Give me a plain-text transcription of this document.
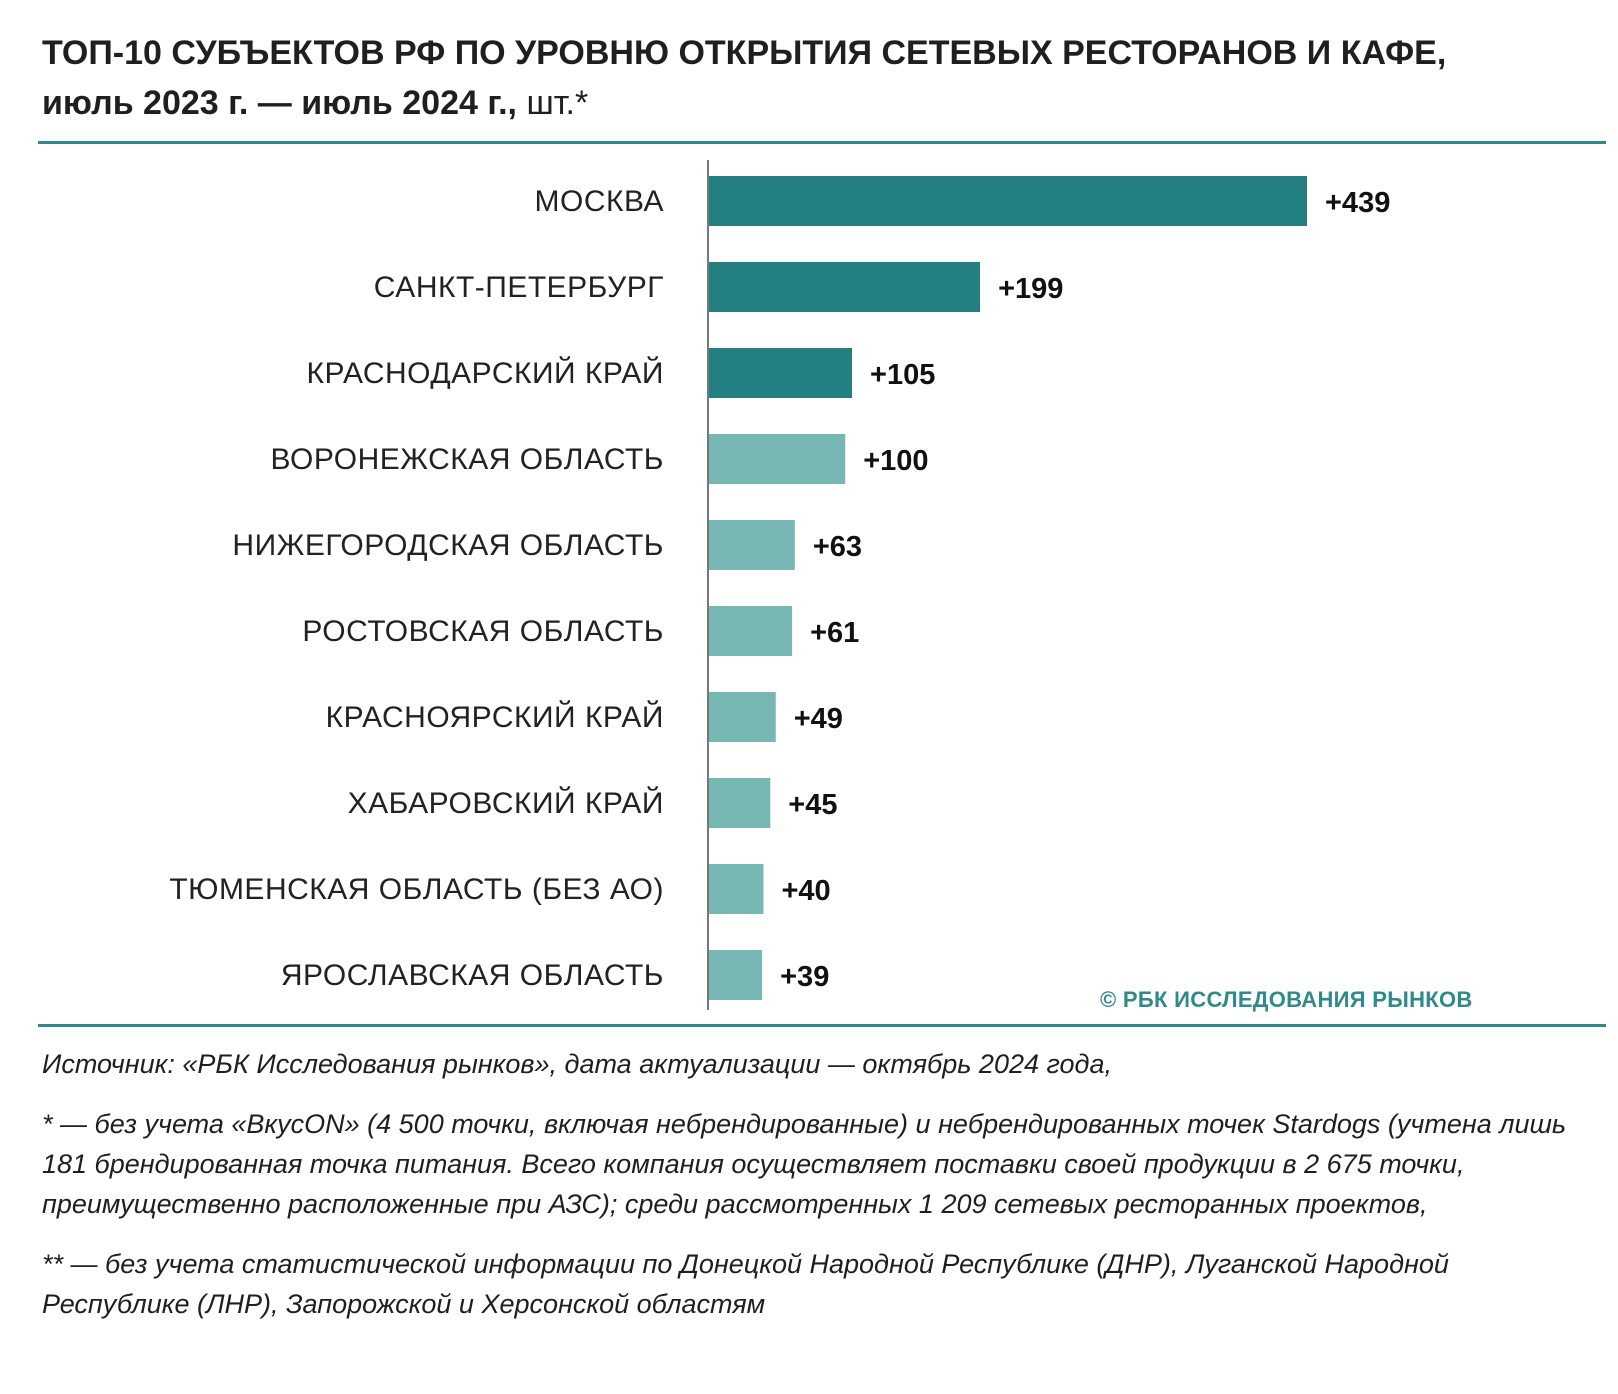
ТОП-10 СУБЪЕКТОВ РФ ПО УРОВНЮ ОТКРЫТИЯ СЕТЕВЫХ РЕСТОРАНОВ И КАФЕ,
июль 2023 г. — июль 2024 г., шт.*
МОСКВА	+439
САНКТ-ПЕТЕРБУРГ	+199
КРАСНОДАРСКИЙ КРАЙ	+105
ВОРОНЕЖСКАЯ ОБЛАСТЬ	+100
НИЖЕГОРОДСКАЯ ОБЛАСТЬ	+63
РОСТОВСКАЯ ОБЛАСТЬ	+61
КРАСНОЯРСКИЙ КРАЙ	+49
ХАБАРОВСКИЙ КРАЙ	+45
ТЮМЕНСКАЯ ОБЛАСТЬ (БЕЗ АО)	+40
ЯРОСЛАВСКАЯ ОБЛАСТЬ	+39
© РБК ИССЛЕДОВАНИЯ РЫНКОВ

Источник: «РБК Исследования рынков», дата актуализации — октябрь 2024 года,

* — без учета «ВкусON» (4 500 точки, включая небрендированные) и небрендированных точек Stardogs (учтена лишь 181 брендированная точка питания. Всего компания осуществляет поставки своей продукции в 2 675 точки, преимущественно расположенные при АЗС); среди рассмотренных 1 209 сетевых ресторанных проектов,

** — без учета статистической информации по Донецкой Народной Республике (ДНР), Луганской Народной Республике (ЛНР), Запорожской и Херсонской областям
